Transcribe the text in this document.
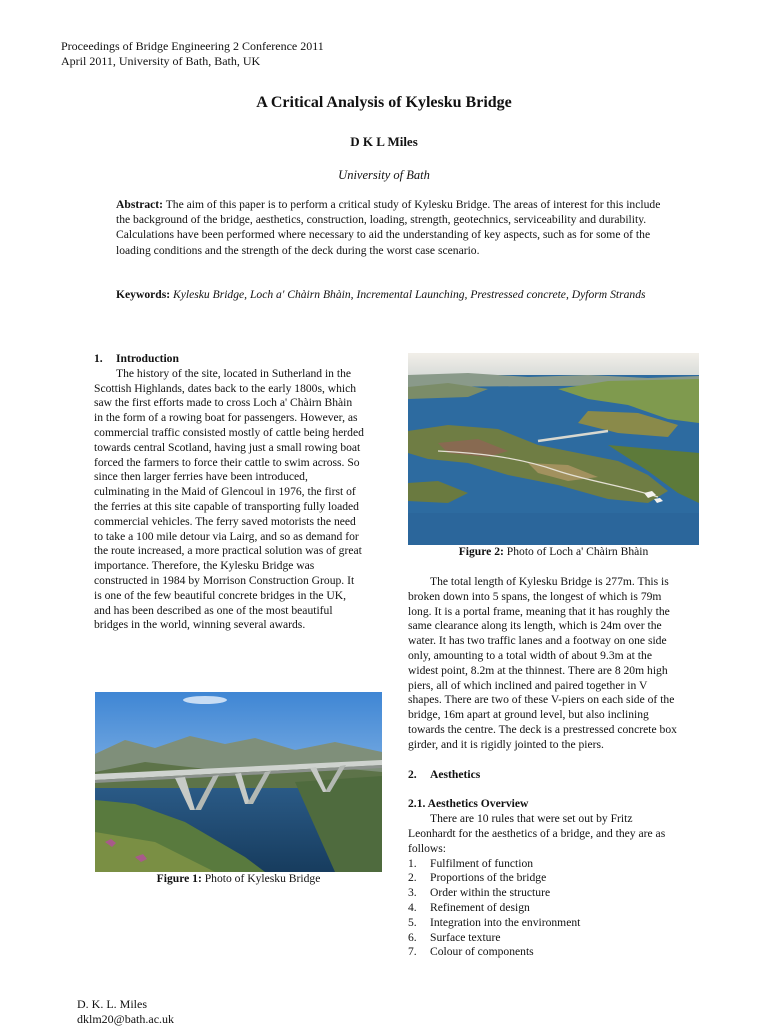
Proceedings of Bridge Engineering 2 Conference 2011
April 2011, University of Bath, Bath, UK
A Critical Analysis of Kylesku Bridge
D K L Miles
University of Bath
Abstract: The aim of this paper is to perform a critical study of Kylesku Bridge. The areas of interest for this include the background of the bridge, aesthetics, construction, loading, strength, geotechnics, serviceability and durability. Calculations have been performed where necessary to aid the understanding of key aspects, such as for some of the loading conditions and the strength of the deck during the worst case scenario.
Keywords: Kylesku Bridge, Loch a' Chàirn Bhàin, Incremental Launching, Prestressed concrete, Dyform Strands
1. Introduction

The history of the site, located in Sutherland in the Scottish Highlands, dates back to the early 1800s, which saw the first efforts made to cross Loch a' Chàirn Bhàin in the form of a rowing boat for passengers. However, as commercial traffic consisted mostly of cattle being herded towards central Scotland, having just a small rowing boat forced the farmers to force their cattle to swim across. So since then larger ferries have been introduced, culminating in the Maid of Glencoul in 1976, the first of the ferries at this site capable of transporting fully loaded commercial vehicles. The ferry saved motorists the need to take a 100 mile detour via Lairg, and so as demand for the route increased, a more practical solution was of great importance. Therefore, the Kylesku Bridge was constructed in 1984 by Morrison Construction Group. It is one of the few beautiful concrete bridges in the UK, and has been described as one of the most beautiful bridges in the world, winning several awards.

Figure 1: Photo of Kylesku Bridge
Figure 2: Photo of Loch a' Chàirn Bhàin

The total length of Kylesku Bridge is 277m. This is broken down into 5 spans, the longest of which is 79m long. It is a portal frame, meaning that it has roughly the same clearance along its length, which is 24m over the water. It has two traffic lanes and a footway on one side only, amounting to a total width of about 9.3m at the widest point, 8.2m at the thinnest. There are 8 20m high piers, all of which inclined and paired together in V shapes. There are two of these V-piers on each side of the bridge, 16m apart at ground level, but also inclining towards the centre. The deck is a prestressed concrete box girder, and it is rigidly jointed to the piers.

2. Aesthetics
2.1. Aesthetics Overview

There are 10 rules that were set out by Fritz Leonhardt for the aesthetics of a bridge, and they are as follows:

1.	Fulfilment of function
2.	Proportions of the bridge
3.	Order within the structure
4.	Refinement of design
5.	Integration into the environment
6.	Surface texture
7.	Colour of components
D. K. L. Miles
dklm20@bath.ac.uk
